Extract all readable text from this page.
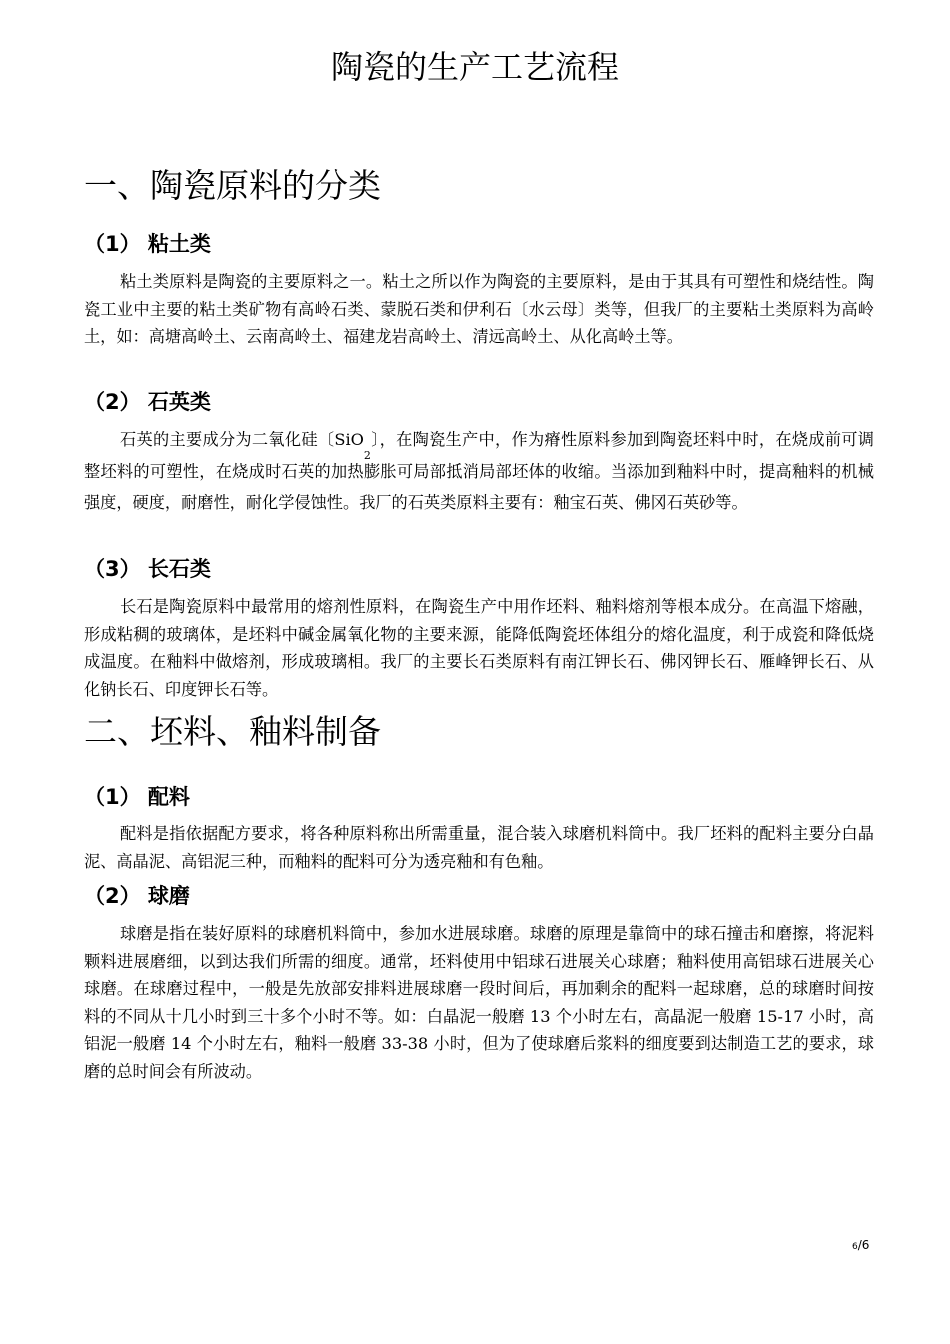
陶瓷的生产工艺流程
一、陶瓷原料的分类
（1） 粘土类

粘土类原料是陶瓷的主要原料之一。粘土之所以作为陶瓷的主要原料，是由于其具有可塑性和烧结性。陶瓷工业中主要的粘土类矿物有高岭石类、蒙脱石类和伊利石〔水云母〕类等，但我厂的主要粘土类原料为高岭土，如：高塘高岭土、云南高岭土、福建龙岩高岭土、清远高岭土、从化高岭土等。

（2） 石英类

石英的主要成分为二氧化硅〔SiO$_2$〕，在陶瓷生产中，作为瘠性原料参加到陶瓷坯料中时，在烧成前可调整坯料的可塑性，在烧成时石英的加热膨胀可局部抵消局部坯体的收缩。当添加到釉料中时，提高釉料的机械强度，硬度，耐磨性，耐化学侵蚀性。我厂的石英类原料主要有：釉宝石英、佛冈石英砂等。

（3） 长石类

长石是陶瓷原料中最常用的熔剂性原料，在陶瓷生产中用作坯料、釉料熔剂等根本成分。在高温下熔融，形成粘稠的玻璃体，是坯料中碱金属氧化物的主要来源，能降低陶瓷坯体组分的熔化温度，利于成瓷和降低烧成温度。在釉料中做熔剂，形成玻璃相。我厂的主要长石类原料有南江钾长石、佛冈钾长石、雁峰钾长石、从化钠长石、印度钾长石等。

二、坯料、釉料制备
（1） 配料

配料是指依据配方要求，将各种原料称出所需重量，混合装入球磨机料筒中。我厂坯料的配料主要分白晶泥、高晶泥、高铝泥三种，而釉料的配料可分为透亮釉和有色釉。

（2） 球磨

球磨是指在装好原料的球磨机料筒中，参加水进展球磨。球磨的原理是靠筒中的球石撞击和磨擦，将泥料颗料进展磨细，以到达我们所需的细度。通常，坯料使用中铝球石进展关心球磨；釉料使用高铝球石进展关心球磨。在球磨过程中，一般是先放部安排料进展球磨一段时间后，再加剩余的配料一起球磨，总的球磨时间按料的不同从十几小时到三十多个小时不等。如：白晶泥一般磨 13 个小时左右，高晶泥一般磨 15-17 小时，高铝泥一般磨 14 个小时左右，釉料一般磨 33-38 小时，但为了使球磨后浆料的细度要到达制造工艺的要求，球磨的总时间会有所波动。

6/6
